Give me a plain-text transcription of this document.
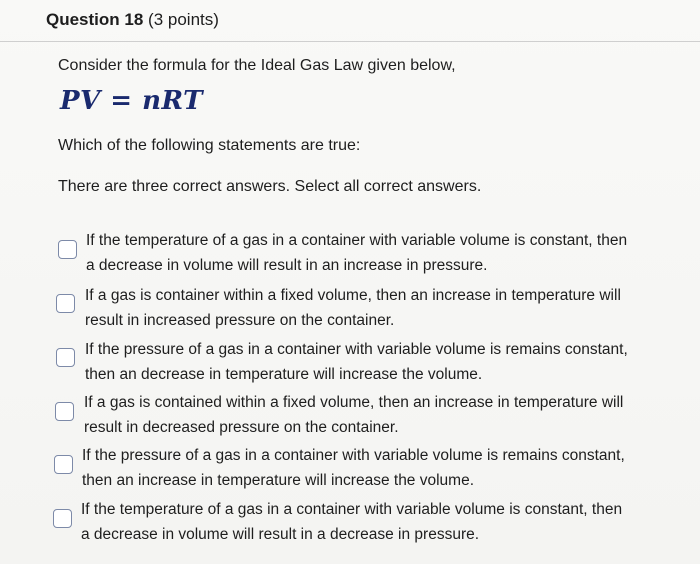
Question 18 (3 points)
Consider the formula for the Ideal Gas Law given below,
PV = nRT
Which of the following statements are true:
There are three correct answers. Select all correct answers.
If the temperature of a gas in a container with variable volume is constant, then
a decrease in volume will result in an increase in pressure.
If a gas is container within a fixed volume, then an increase in temperature will
result in increased pressure on the container.
If the pressure of a gas in a container with variable volume is remains constant,
then an decrease in temperature will increase the volume.
If a gas is contained within a fixed volume, then an increase in temperature will
result in decreased pressure on the container.
If the pressure of a gas in a container with variable volume is remains constant,
then an increase in temperature will increase the volume.
If the temperature of a gas in a container with variable volume is constant, then
a decrease in volume will result in a decrease in pressure.
